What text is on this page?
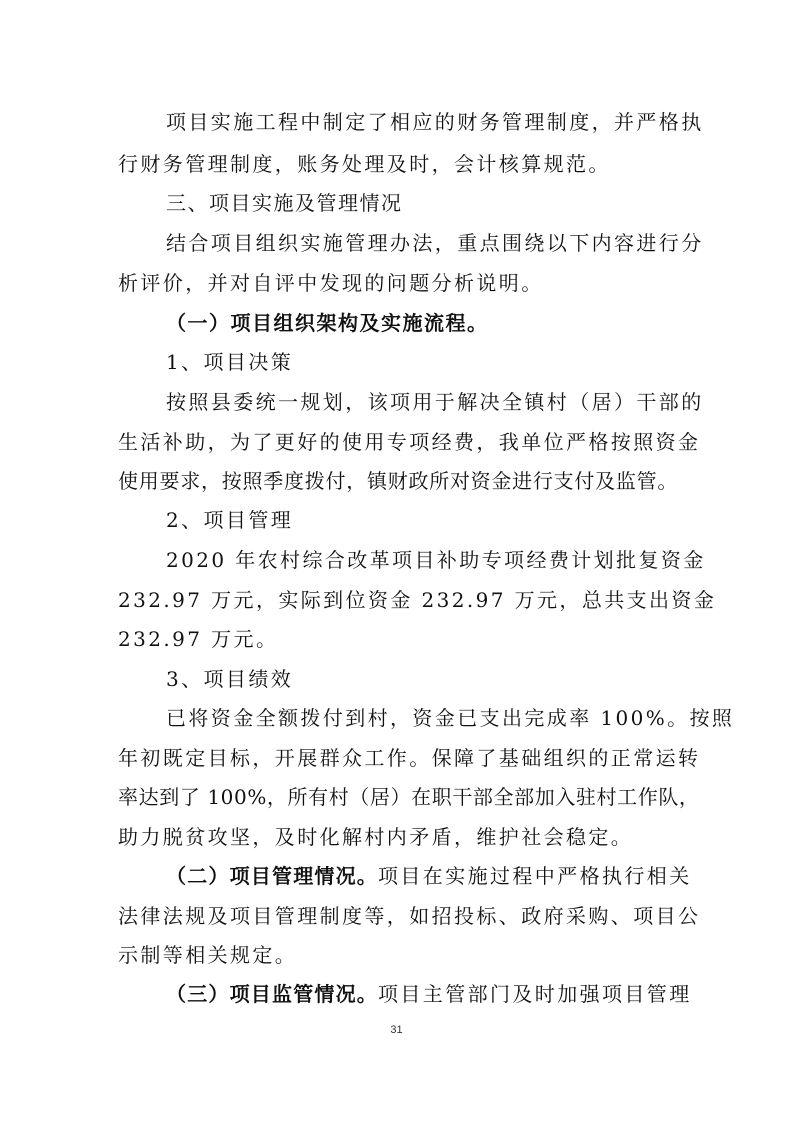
项目实施工程中制定了相应的财务管理制度，并严格执
行财务管理制度，账务处理及时，会计核算规范。
三、项目实施及管理情况
结合项目组织实施管理办法，重点围绕以下内容进行分
析评价，并对自评中发现的问题分析说明。
（一）项目组织架构及实施流程。
1、项目决策
按照县委统一规划，该项用于解决全镇村（居）干部的
生活补助，为了更好的使用专项经费，我单位严格按照资金
使用要求，按照季度拨付，镇财政所对资金进行支付及监管。
2、项目管理
2020 年农村综合改革项目补助专项经费计划批复资金
232.97 万元，实际到位资金 232.97 万元，总共支出资金
232.97 万元。
3、项目绩效
已将资金全额拨付到村，资金已支出完成率 100%。按照
年初既定目标，开展群众工作。保障了基础组织的正常运转
率达到了 100%，所有村（居）在职干部全部加入驻村工作队，
助力脱贫攻坚，及时化解村内矛盾，维护社会稳定。
（二）项目管理情况。项目在实施过程中严格执行相关
法律法规及项目管理制度等，如招投标、政府采购、项目公
示制等相关规定。
（三）项目监管情况。项目主管部门及时加强项目管理
31
